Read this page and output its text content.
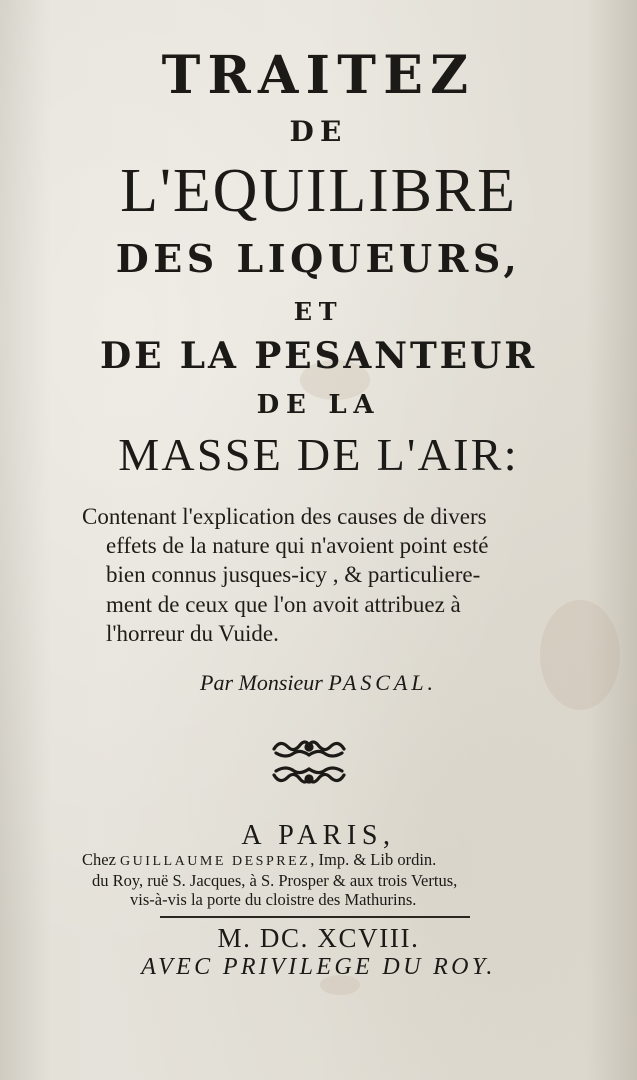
TRAITEZ
DE
L'EQUILIBRE
DES LIQUEURS,
ET
DE LA PESANTEUR
DE LA
MASSE DE L'AIR:
Contenant l'explication des causes de divers
effets de la nature qui n'avoient point esté
bien connus jusques-icy , & particuliere-
ment de ceux que l'on avoit attribuez à
l'horreur du Vuide.
Par Monsieur PASCAL.
A PARIS,
Chez GUILLAUME DESPREZ, Imp. & Lib ordin.
du Roy, ruë S. Jacques, à S. Prosper & aux trois Vertus,
vis-à-vis la porte du cloistre des Mathurins.
M. DC. XCVIII.
AVEC PRIVILEGE DU ROY.
